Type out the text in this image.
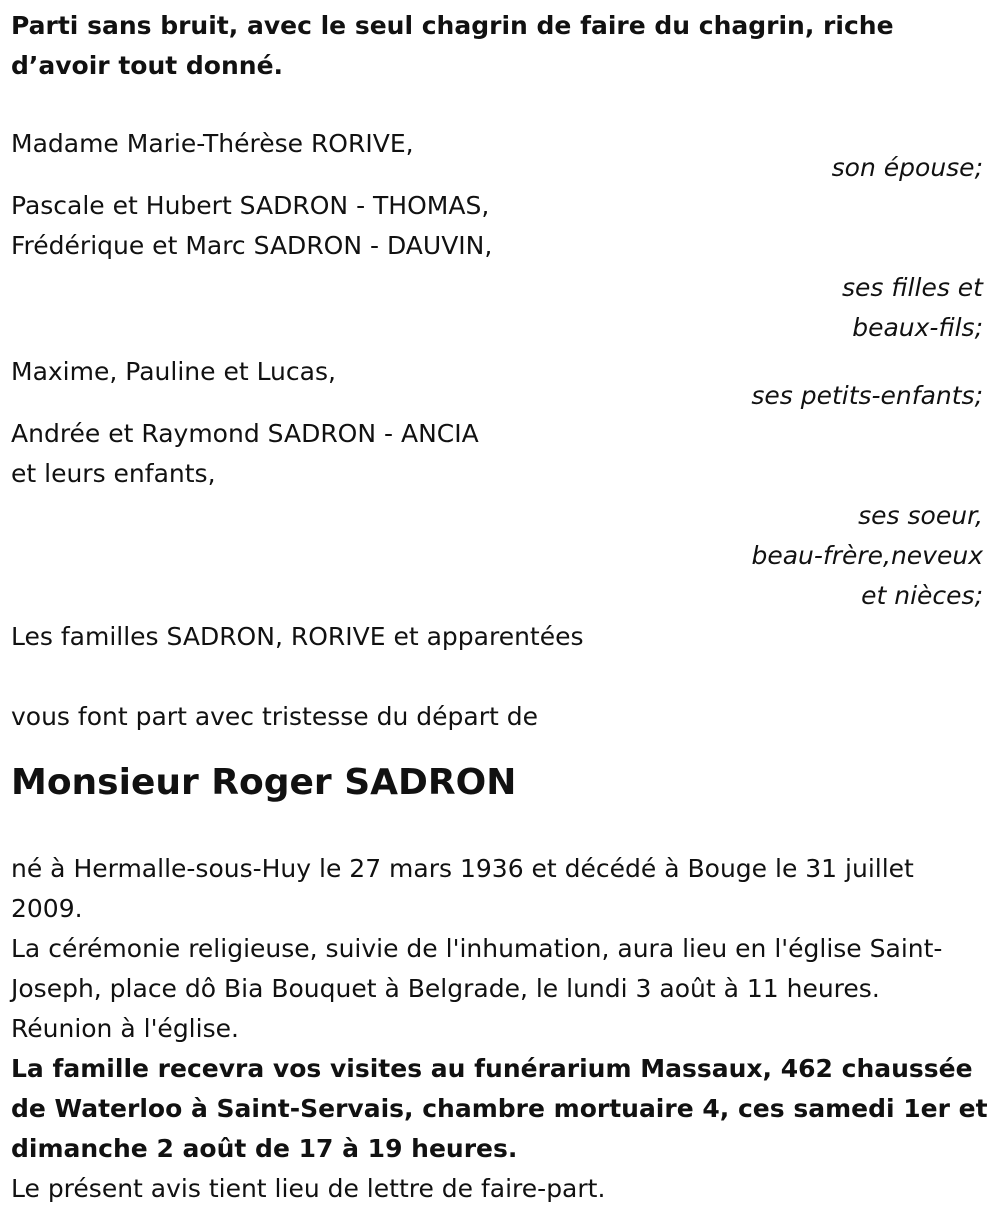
Parti sans bruit, avec le seul chagrin de faire du chagrin, riche d’avoir tout donné.

Madame Marie-Thérèse RORIVE,
son épouse;
Pascale et Hubert SADRON - THOMAS,
Frédérique et Marc SADRON - DAUVIN,
ses filles et
beaux-fils;
Maxime, Pauline et Lucas,
ses petits-enfants;
Andrée et Raymond SADRON - ANCIA
et leurs enfants,
ses soeur,
beau-frère,neveux
et nièces;

Les familles SADRON, RORIVE et apparentées

vous font part avec tristesse du départ de

Monsieur Roger SADRON

né à Hermalle-sous-Huy le 27 mars 1936 et décédé à Bouge le 31 juillet 2009.

La cérémonie religieuse, suivie de l'inhumation, aura lieu en l'église Saint-Joseph, place dô Bia Bouquet à Belgrade, le lundi 3 août à 11 heures.

Réunion à l'église.

La famille recevra vos visites au funérarium Massaux, 462 chaussée de Waterloo à Saint-Servais, chambre mortuaire 4, ces samedi 1er et dimanche 2 août de 17 à 19 heures.

Le présent avis tient lieu de lettre de faire-part.
